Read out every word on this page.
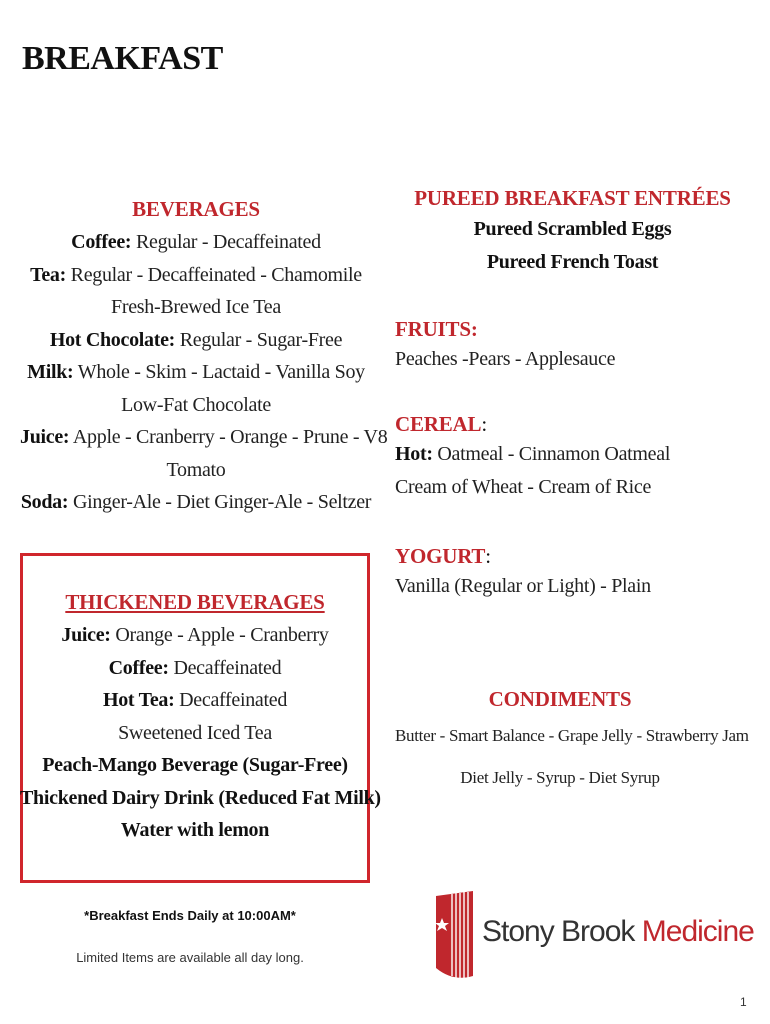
BREAKFAST
BEVERAGES
Coffee: Regular - Decaffeinated
Tea: Regular - Decaffeinated - Chamomile
Fresh-Brewed Ice Tea
Hot Chocolate: Regular - Sugar-Free
Milk: Whole - Skim - Lactaid - Vanilla Soy
Low-Fat Chocolate
Juice: Apple - Cranberry - Orange - Prune - V8
Tomato
Soda: Ginger-Ale - Diet Ginger-Ale - Seltzer
THICKENED BEVERAGES
Juice: Orange - Apple - Cranberry
Coffee: Decaffeinated
Hot Tea: Decaffeinated
Sweetened Iced Tea
Peach-Mango Beverage (Sugar-Free)
Thickened Dairy Drink (Reduced Fat Milk)
Water with lemon
PUREED BREAKFAST ENTRÉES
Pureed Scrambled Eggs
Pureed French Toast
FRUITS:
Peaches -Pears - Applesauce
CEREAL:
Hot: Oatmeal - Cinnamon Oatmeal
Cream of Wheat - Cream of Rice
YOGURT:
Vanilla (Regular or Light) - Plain
CONDIMENTS
Butter - Smart Balance - Grape Jelly - Strawberry Jam
Diet Jelly - Syrup - Diet Syrup
*Breakfast Ends Daily at 10:00AM*
Limited Items are available all day long.
Stony Brook Medicine
1
